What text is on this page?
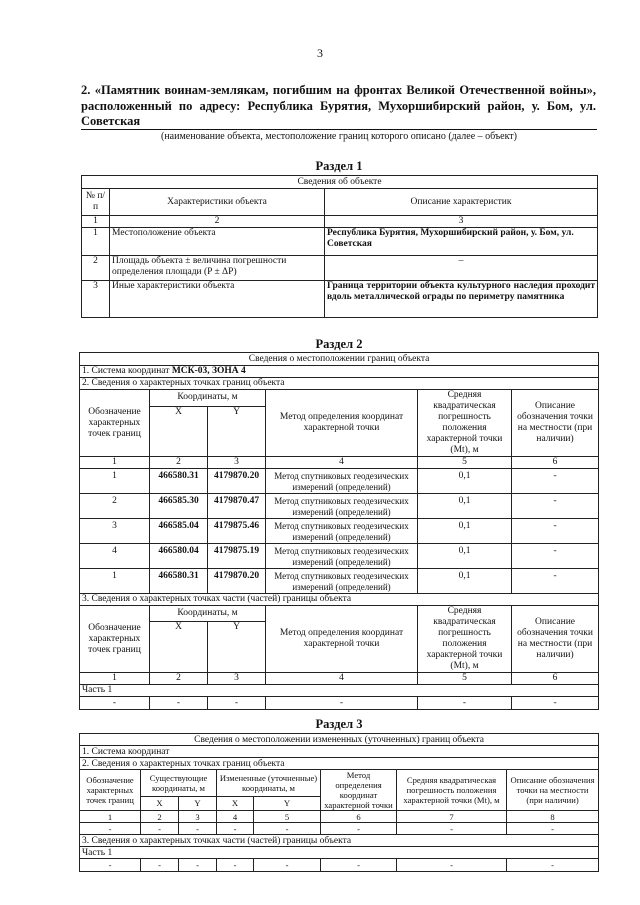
3
2. «Памятник воинам-землякам, погибшим на фронтах Великой Отечественной войны», расположенный по адресу: Республика Бурятия, Мухоршибирский район, у. Бом, ул. Советская
(наименование объекта, местоположение границ которого описано (далее – объект)
Раздел 1
Сведения об объекте		
№ п/п	Характеристики объекта	Описание характеристик
1	2	3
1	Местоположение объекта	Республика Бурятия, Мухоршибирский район, у. Бом, ул. Советская
2	Площадь объекта ± величина погрешности определения площади (P ± ΔP)	–
3	Иные характеристики объекта	Граница территории объекта культурного наследия проходит вдоль металлической ограды по периметру памятника
Раздел 2
Сведения о местоположении границ объекта					
1. Система координат МСК-03, ЗОНА 4					
2. Сведения о характерных точках границ объекта					
Обозначение характерных точек границ	Координаты, м		Метод определения координат характерной точки	Средняя квадратическая погрешность положения характерной точки (Mt), м	Описание обозначения точки на местности (при наличии)
	X	Y			
1	2	3	4	5	6
1	466580.31	4179870.20	Метод спутниковых геодезических измерений (определений)	0,1	-
2	466585.30	4179870.47	Метод спутниковых геодезических измерений (определений)	0,1	-
3	466585.04	4179875.46	Метод спутниковых геодезических измерений (определений)	0,1	-
4	466580.04	4179875.19	Метод спутниковых геодезических измерений (определений)	0,1	-
1	466580.31	4179870.20	Метод спутниковых геодезических измерений (определений)	0,1	-
3. Сведения о характерных точках части (частей) границы объекта					
Обозначение характерных точек границ	Координаты, м		Метод определения координат характерной точки	Средняя квадратическая погрешность положения характерной точки (Mt), м	Описание обозначения точки на местности (при наличии)
	X	Y			
1	2	3	4	5	6
Часть 1					
-	-	-	-	-	-
Раздел 3
Сведения о местоположении измененных (уточненных) границ объекта							
1. Система координат							
2. Сведения о характерных точках границ объекта							
Обозначение характерных точек границ	Существующие координаты, м		Измененные (уточненные) координаты, м		Метод определения координат характерной точки	Средняя квадратическая погрешность положения характерной точки (Mt), м	Описание обозначения точки на местности (при наличии)
	X	Y	X	Y			
1	2	3	4	5	6	7	8
-	-	-	-	-	-	-	-
3. Сведения о характерных точках части (частей) границы объекта							
Часть 1							
-	-	-	-	-	-	-	-
